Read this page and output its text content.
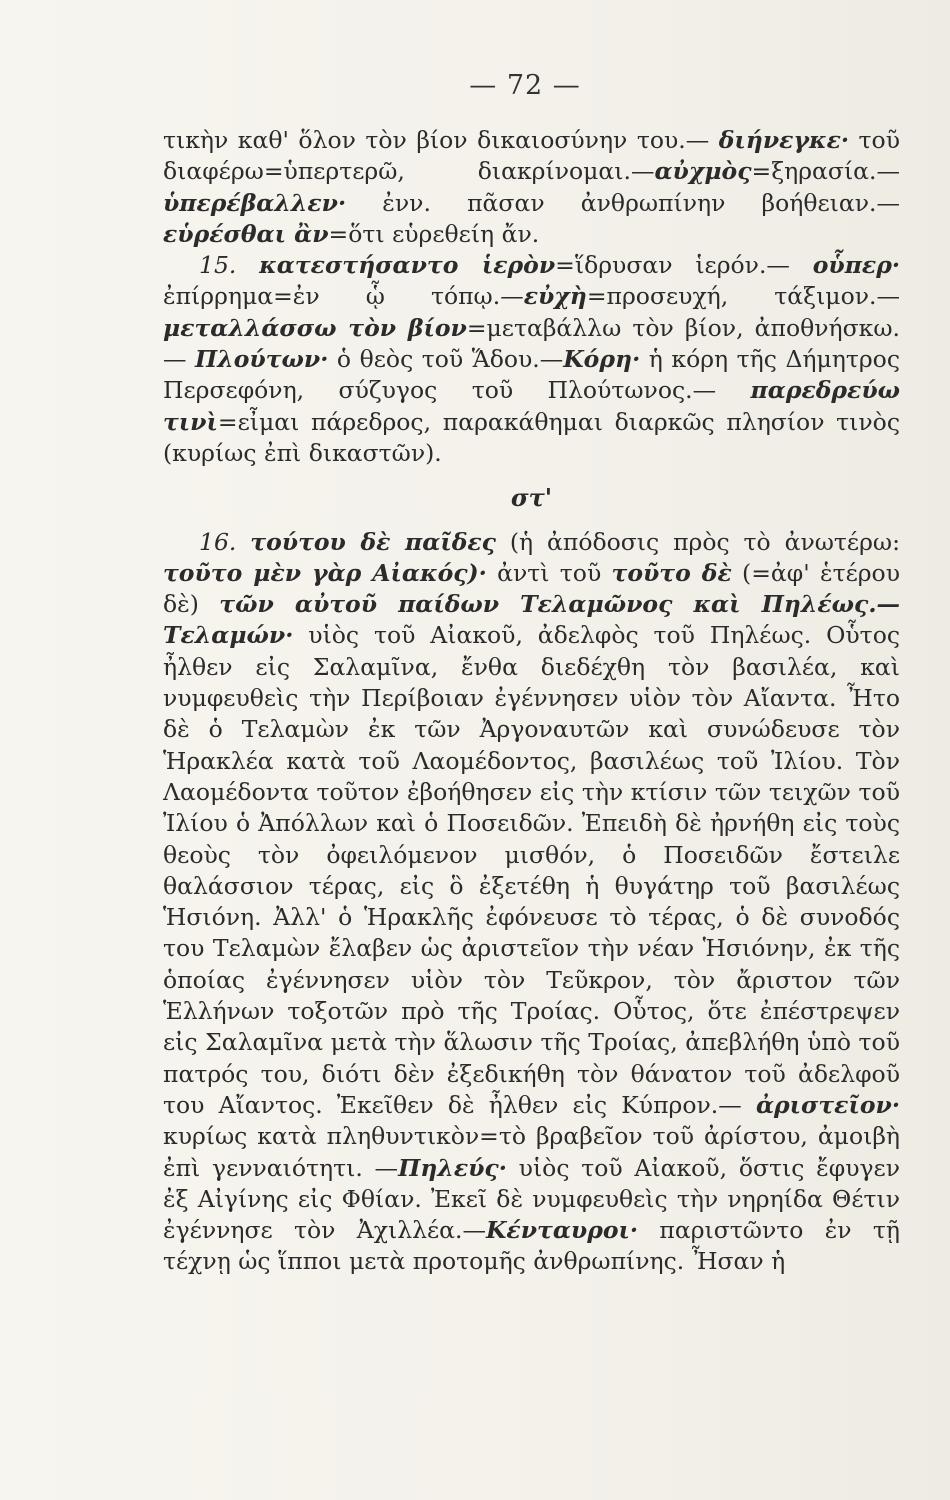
— 72 —

τικὴν καθ' ὅλον τὸν βίον δικαιοσύνην του.— διήνεγκε· τοῦ διαφέρω=ὑπερτερῶ, διακρίνομαι.—αὐχμὸς=ξηρασία.—ὑπερέβαλλεν· ἐνν. πᾶσαν ἀνθρωπίνην βοήθειαν.— εὑρέσθαι ἂν=ὅτι εὑρεθείη ἄν.

15. κατεστήσαντο ἱερὸν=ἵδρυσαν ἱερόν.— οὗπερ· ἐπίρρημα=ἐν ᾧ τόπῳ.—εὐχὴ=προσευχή, τάξιμον.— μεταλλάσσω τὸν βίον=μεταβάλλω τὸν βίον, ἀποθνήσκω.— Πλούτων· ὁ θεὸς τοῦ Ἅδου.—Κόρη· ἡ κόρη τῆς Δήμητρος Περσεφόνη, σύζυγος τοῦ Πλούτωνος.— παρεδρεύω τινὶ=εἶμαι πάρεδρος, παρακάθημαι διαρκῶς πλησίον τινὸς (κυρίως ἐπὶ δικαστῶν).

στ'

16. τούτου δὲ παῖδες (ἡ ἀπόδοσις πρὸς τὸ ἀνωτέρω: τοῦτο μὲν γὰρ Αἰακός)· ἀντὶ τοῦ τοῦτο δὲ (=ἀφ' ἑτέρου δὲ) τῶν αὐτοῦ παίδων Τελαμῶνος καὶ Πηλέως.— Τελαμών· υἱὸς τοῦ Αἰακοῦ, ἀδελφὸς τοῦ Πηλέως. Οὗτος ἦλθεν εἰς Σαλαμῖνα, ἔνθα διεδέχθη τὸν βασιλέα, καὶ νυμφευθεὶς τὴν Περίβοιαν ἐγέννησεν υἱὸν τὸν Αἴαντα. Ἦτο δὲ ὁ Τελαμὼν ἐκ τῶν Ἀργοναυτῶν καὶ συνώδευσε τὸν Ἡρακλέα κατὰ τοῦ Λαομέδοντος, βασιλέως τοῦ Ἰλίου. Τὸν Λαομέδοντα τοῦτον ἐβοήθησεν εἰς τὴν κτίσιν τῶν τειχῶν τοῦ Ἰλίου ὁ Ἀπόλλων καὶ ὁ Ποσειδῶν. Ἐπειδὴ δὲ ἠρνήθη εἰς τοὺς θεοὺς τὸν ὀφειλόμενον μισθόν, ὁ Ποσειδῶν ἔστειλε θαλάσσιον τέρας, εἰς ὃ ἐξετέθη ἡ θυγάτηρ τοῦ βασιλέως Ἡσιόνη. Ἀλλ' ὁ Ἡρακλῆς ἐφόνευσε τὸ τέρας, ὁ δὲ συνοδός του Τελαμὼν ἔλαβεν ὡς ἀριστεῖον τὴν νέαν Ἡσιόνην, ἐκ τῆς ὁποίας ἐγέννησεν υἱὸν τὸν Τεῦκρον, τὸν ἄριστον τῶν Ἑλλήνων τοξοτῶν πρὸ τῆς Τροίας. Οὗτος, ὅτε ἐπέστρεψεν εἰς Σαλαμῖνα μετὰ τὴν ἅλωσιν τῆς Τροίας, ἀπεβλήθη ὑπὸ τοῦ πατρός του, διότι δὲν ἐξεδικήθη τὸν θάνατον τοῦ ἀδελφοῦ του Αἴαντος. Ἐκεῖθεν δὲ ἦλθεν εἰς Κύπρον.— ἀριστεῖον· κυρίως κατὰ πληθυντικὸν=τὸ βραβεῖον τοῦ ἀρίστου, ἀμοιβὴ ἐπὶ γενναιότητι. —Πηλεύς· υἱὸς τοῦ Αἰακοῦ, ὅστις ἔφυγεν ἐξ Αἰγίνης εἰς Φθίαν. Ἐκεῖ δὲ νυμφευθεὶς τὴν νηρηίδα Θέτιν ἐγέννησε τὸν Ἀχιλλέα.—Κένταυροι· παριστῶντο ἐν τῇ τέχνῃ ὡς ἵπποι μετὰ προτομῆς ἀνθρωπίνης. Ἦσαν ἡ
